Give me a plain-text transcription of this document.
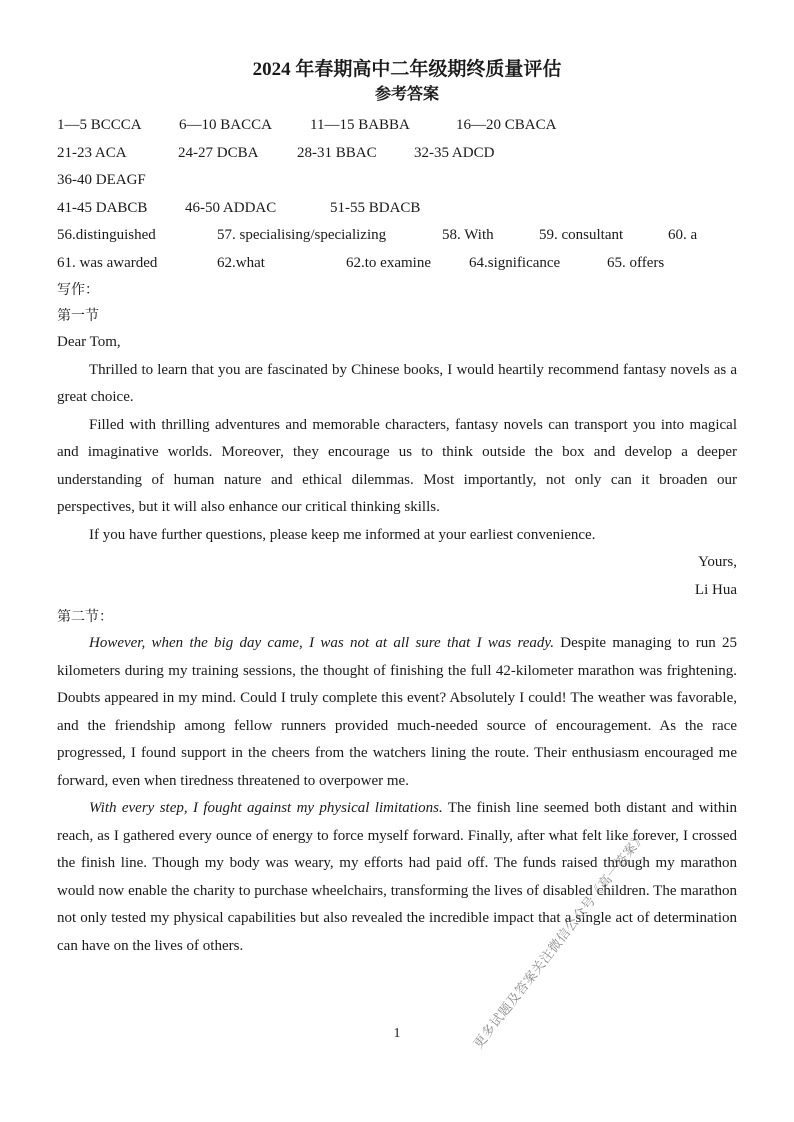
2024 年春期高中二年级期终质量评估
参考答案
1—5 BCCCA 6—10 BACCA	11—15 BABBA	16—20 CBACA
21-23 ACA	24-27 DCBA	28-31 BBAC 32-35 ADCD
36-40 DEAGF
41-45 DABCB	46-50 ADDAC	51-55 BDACB
56.distinguished	57. specialising/specializing	58. With	59. consultant	60. a
61. was awarded	62.what	62.to examine	64.significance	65. offers
写作：
第一节

Dear Tom,

Thrilled to learn that you are fascinated by Chinese books, I would heartily recommend fantasy novels as a great choice.

Filled with thrilling adventures and memorable characters, fantasy novels can transport you into magical and imaginative worlds. Moreover, they encourage us to think outside the box and develop a deeper understanding of human nature and ethical dilemmas. Most importantly, not only can it broaden our perspectives, but it will also enhance our critical thinking skills.

If you have further questions, please keep me informed at your earliest convenience.

Yours,

Li Hua

第二节：

However, when the big day came, I was not at all sure that I was ready. Despite managing to run 25 kilometers during my training sessions, the thought of finishing the full 42-kilometer marathon was frightening. Doubts appeared in my mind. Could I truly complete this event? Absolutely I could! The weather was favorable, and the friendship among fellow runners provided much-needed source of encouragement. As the race progressed, I found support in the cheers from the watchers lining the route. Their enthusiasm encouraged me forward, even when tiredness threatened to overpower me.

With every step, I fought against my physical limitations. The finish line seemed both distant and within reach, as I gathered every ounce of energy to force myself forward. Finally, after what felt like forever, I crossed the finish line. Though my body was weary, my efforts had paid off. The funds raised through my marathon would now enable the charity to purchase wheelchairs, transforming the lives of disabled children. The marathon not only tested my physical capabilities but also revealed the incredible impact that a single act of determination can have on the lives of others.

1	更多试题及答案关注微信公众号《高一答案》
